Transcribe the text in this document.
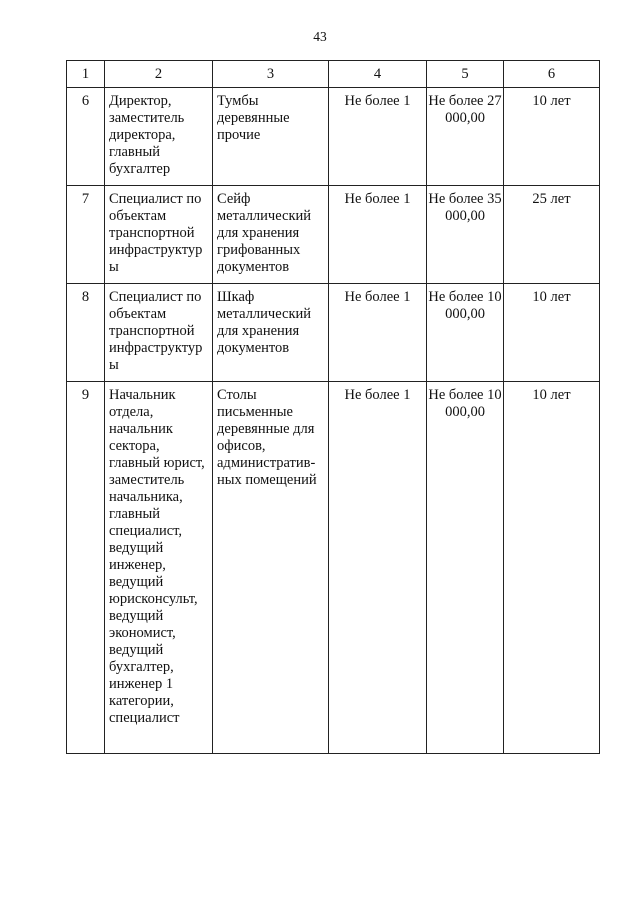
43
1	2	3	4	5	6
6	Директор, заместитель директора, главный бухгалтер	Тумбы деревянные прочие	Не более 1	Не более 27 000,00	10 лет
7	Специалист по объектам транспортной инфраструктур ы	Сейф металлический для хранения грифованных документов	Не более 1	Не более 35 000,00	25 лет
8	Специалист по объектам транспортной инфраструктур ы	Шкаф металлический для хранения документов	Не более 1	Не более 10 000,00	10 лет
9	Начальник отдела, начальник сектора, главный юрист, заместитель начальника, главный специалист, ведущий инженер, ведущий юрисконсульт, ведущий экономист, ведущий бухгалтер, инженер 1 категории, специалист	Столы письменные деревянные для офисов, административ-ных помещений	Не более 1	Не более 10 000,00	10 лет
